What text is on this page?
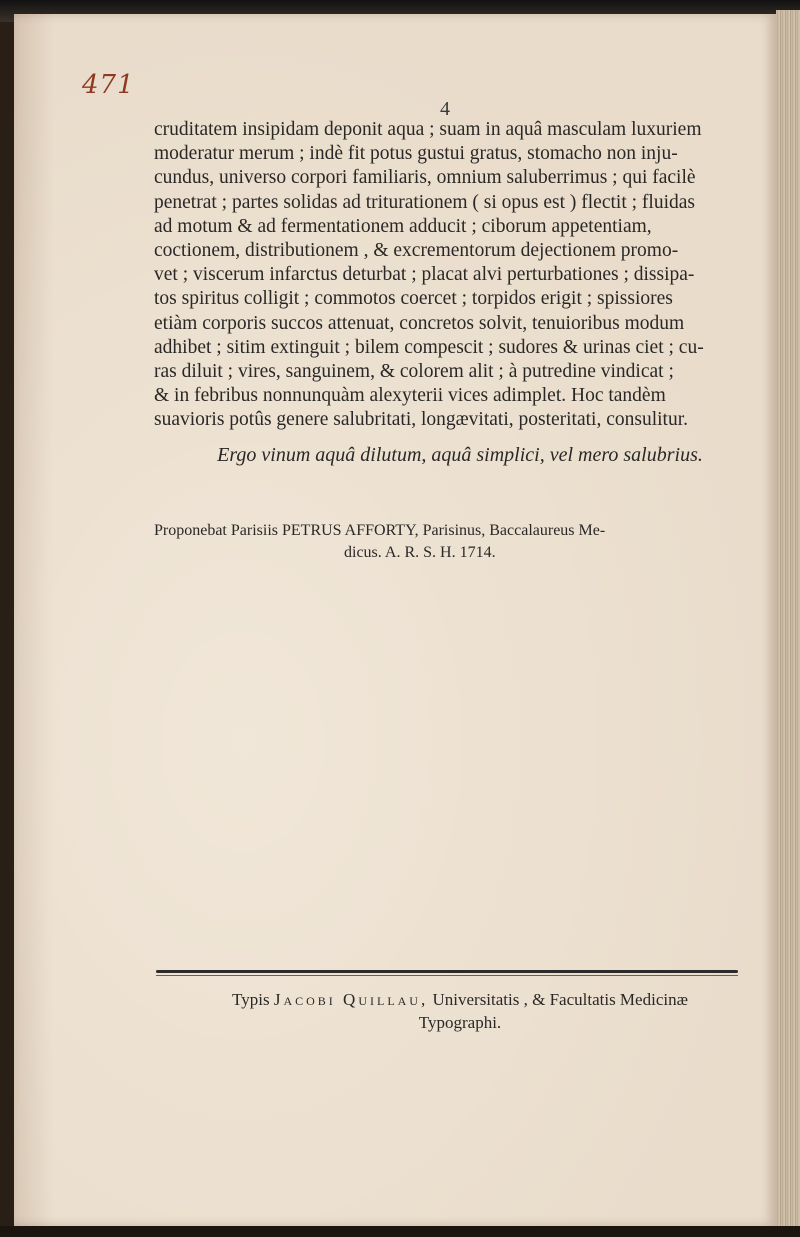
471
4
cruditatem insipidam deponit aqua ; suam in aquâ masculam luxuriem
moderatur merum ; indè fit potus gustui gratus, stomacho non inju-
cundus, universo corpori familiaris, omnium saluberrimus ; qui facilè
penetrat ; partes solidas ad triturationem ( si opus est ) flectit ; fluidas
ad motum & ad fermentationem adducit ; ciborum appetentiam,
coctionem, distributionem , & excrementorum dejectionem promo-
vet ; viscerum infarctus deturbat ; placat alvi perturbationes ; dissipa-
tos spiritus colligit ; commotos coercet ; torpidos erigit ; spissiores
etiàm corporis succos attenuat, concretos solvit, tenuioribus modum
adhibet ; sitim extinguit ; bilem compescit ; sudores & urinas ciet ; cu-
ras diluit ; vires, sanguinem, & colorem alit ; à putredine vindicat ;
& in febribus nonnunquàm alexyterii vices adimplet. Hoc tandèm
suavioris potûs genere salubritati, longævitati, posteritati, consulitur.
Ergo vinum aquâ dilutum, aquâ simplici, vel mero salubrius.
Proponebat Parisiis PETRUS AFFORTY, Parisinus, Baccalaureus Me-
dicus. A. R. S. H. 1714.
Typis Jacobi Quillau, Universitatis , & Facultatis Medicinæ
Typographi.
